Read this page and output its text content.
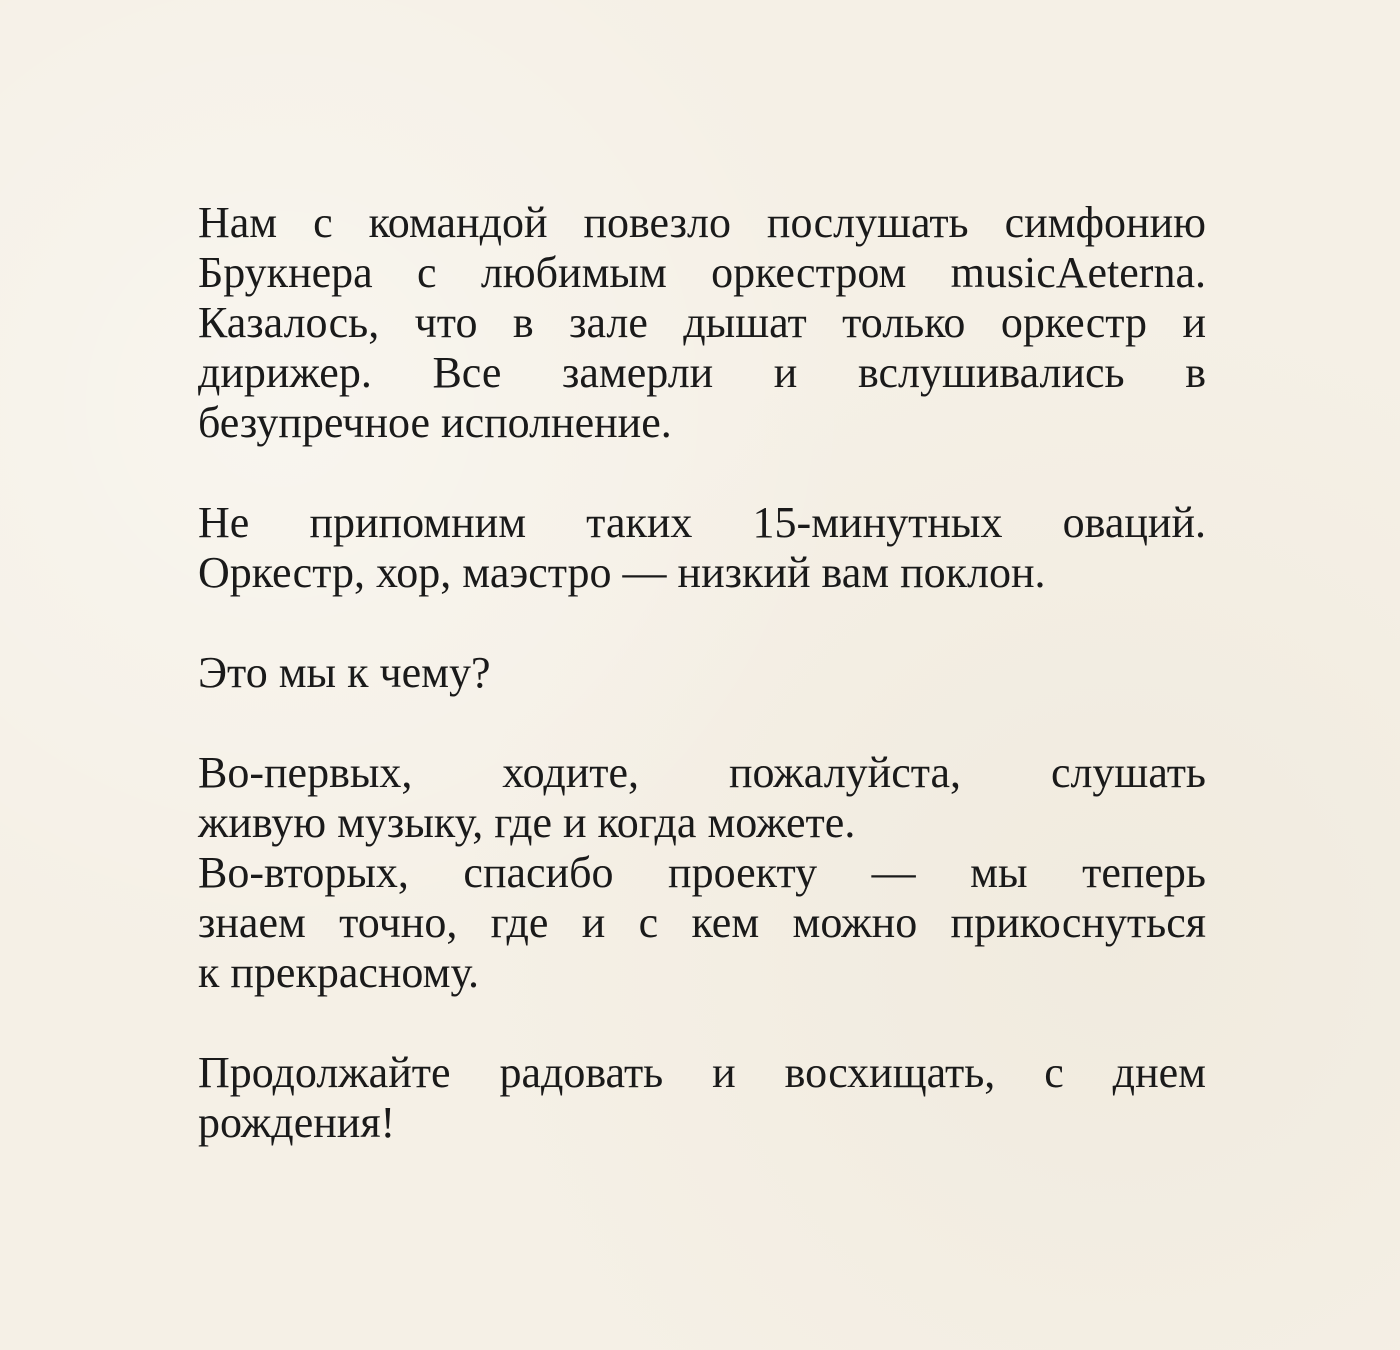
Нам с командой повезло послушать симфонию
Брукнера с любимым оркестром musicAeterna.
Казалось, что в зале дышат только оркестр и
дирижер. Все замерли и вслушивались в
безупречное исполнение.

Не припомним таких 15-минутных оваций.
Оркестр, хор, маэстро — низкий вам поклон.

Это мы к чему?

Во-первых, ходите, пожалуйста, слушать
живую музыку, где и когда можете.
Во-вторых, спасибо проекту — мы теперь
знаем точно, где и с кем можно прикоснуться
к прекрасному.

Продолжайте радовать и восхищать, с днем
рождения!
